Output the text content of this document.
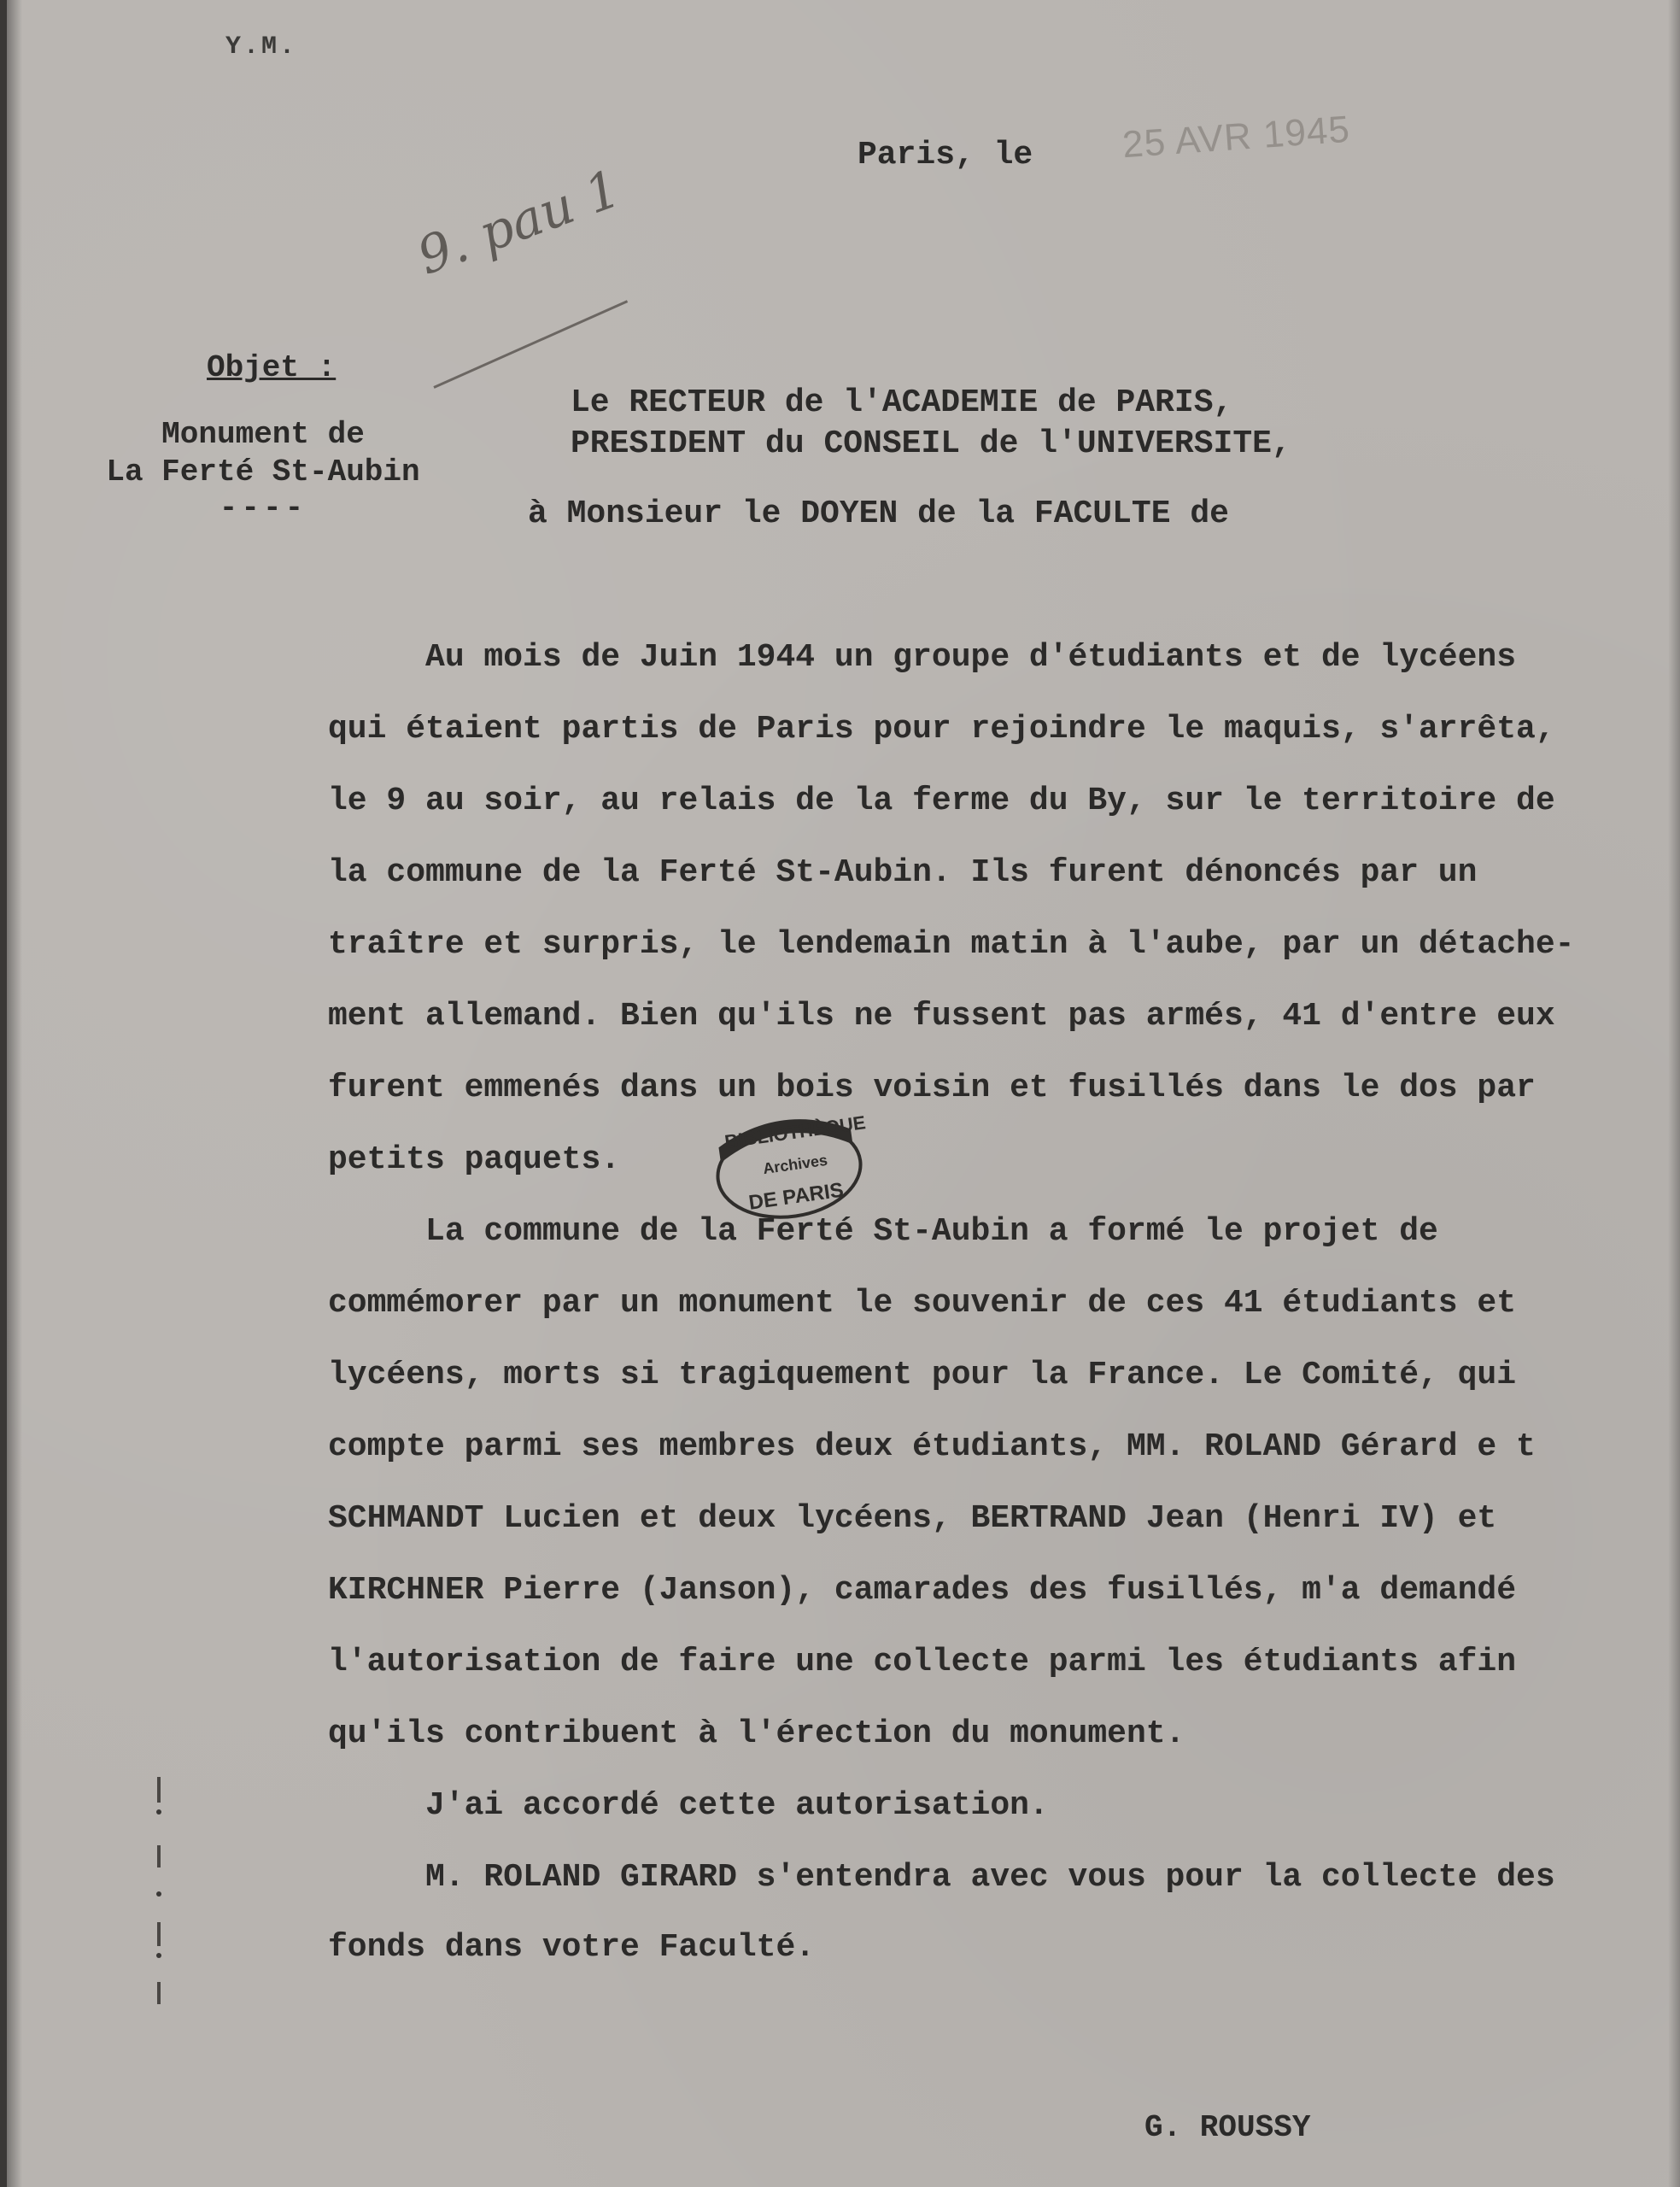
Y.M.
Paris, le 25 AVR 1945
9. pau 1
Objet :
Monument de
La Ferté St-Aubin
----
Le RECTEUR de l'ACADEMIE de PARIS,
PRESIDENT du CONSEIL de l'UNIVERSITE,
à Monsieur le DOYEN de la FACULTE de
Au mois de Juin 1944 un groupe d'étudiants et de lycéens
qui étaient partis de Paris pour rejoindre le maquis, s'arrêta,
le 9 au soir, au relais de la ferme du By, sur le territoire de
la commune de la Ferté St-Aubin. Ils furent dénoncés par un
traître et surpris, le lendemain matin à l'aube, par un détache-
ment allemand. Bien qu'ils ne fussent pas armés, 41 d'entre eux
furent emmenés dans un bois voisin et fusillés dans le dos par
petits paquets.
BIBLIOTHÈQUE
Archives
DE PARIS
La commune de la Ferté St-Aubin a formé le projet de
commémorer par un monument le souvenir de ces 41 étudiants et
lycéens, morts si tragiquement pour la France. Le Comité, qui
compte parmi ses membres deux étudiants, MM. ROLAND Gérard e t
SCHMANDT Lucien et deux lycéens, BERTRAND Jean (Henri IV) et
KIRCHNER Pierre (Janson), camarades des fusillés, m'a demandé
l'autorisation de faire une collecte parmi les étudiants afin
qu'ils contribuent à l'érection du monument.
J'ai accordé cette autorisation.
M. ROLAND GIRARD s'entendra avec vous pour la collecte des
fonds dans votre Faculté.
G. ROUSSY
